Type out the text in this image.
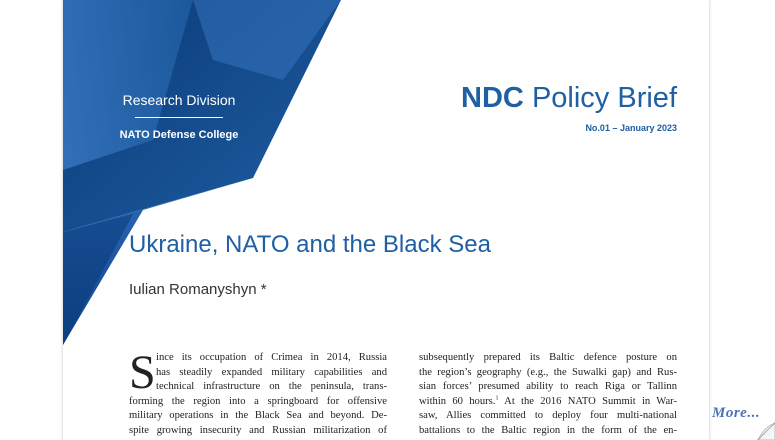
Research Division
NATO Defense College
NDC Policy Brief
No.01 – January 2023
Ukraine, NATO and the Black Sea
Iulian Romanyshyn *
S ince its occupation of Crimea in 2014, Russia
has steadily expanded military capabilities and
technical infrastructure on the peninsula, trans-
forming the region into a springboard for offensive
military operations in the Black Sea and beyond. De-
spite growing insecurity and Russian militarization of
subsequently prepared its Baltic defence posture on
the region’s geography (e.g., the Suwalki gap) and Rus-
sian forces’ presumed ability to reach Riga or Tallinn
within 60 hours.$^1$ At the 2016 NATO Summit in War-
saw, Allies committed to deploy four multi-national
battalions to the Baltic region in the form of the en-
More...
